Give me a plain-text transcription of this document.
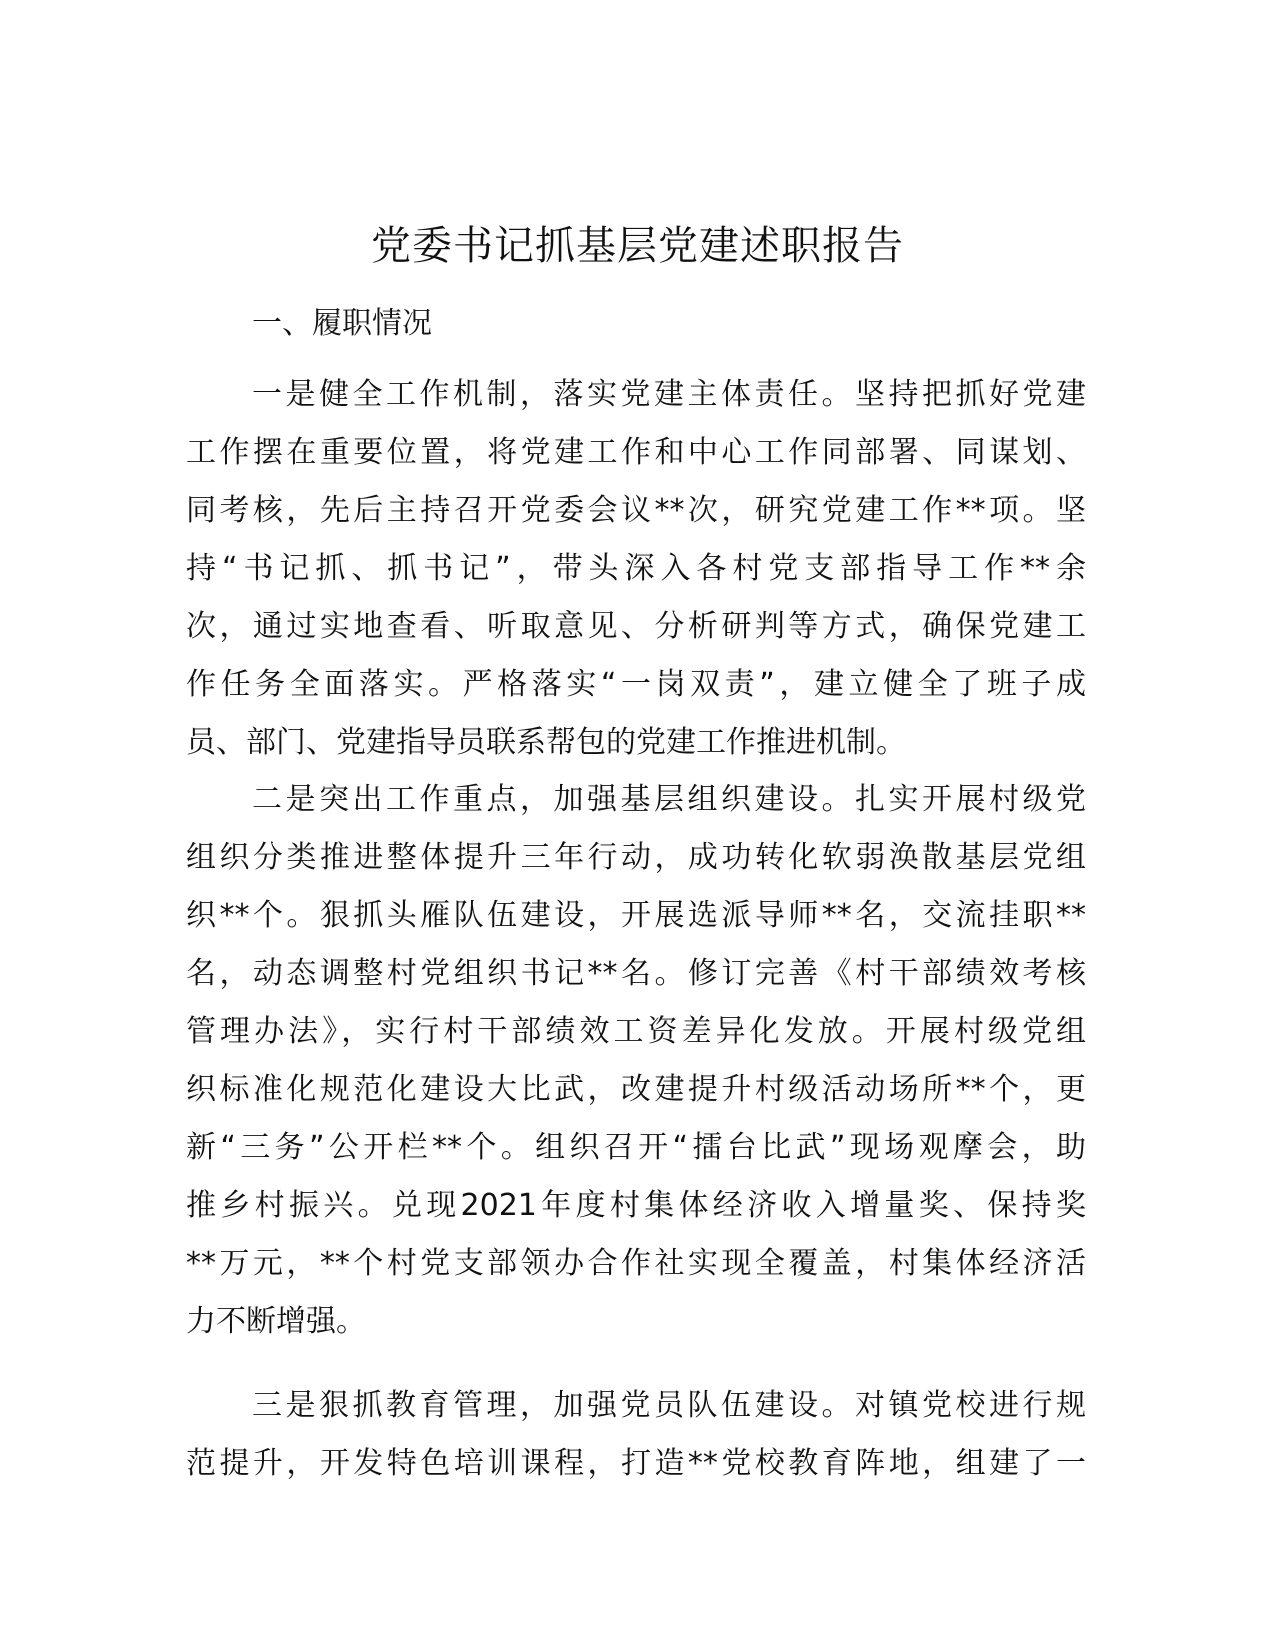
党委书记抓基层党建述职报告

一、履职情况

一是健全工作机制，落实党建主体责任。坚持把抓好党建
工作摆在重要位置，将党建工作和中心工作同部署、同谋划、
同考核，先后主持召开党委会议**次，研究党建工作**项。坚
持“书记抓、抓书记”，带头深入各村党支部指导工作**余
次，通过实地查看、听取意见、分析研判等方式，确保党建工
作任务全面落实。严格落实“一岗双责”，建立健全了班子成
员、部门、党建指导员联系帮包的党建工作推进机制。
二是突出工作重点，加强基层组织建设。扎实开展村级党
组织分类推进整体提升三年行动，成功转化软弱涣散基层党组
织**个。狠抓头雁队伍建设，开展选派导师**名，交流挂职**
名，动态调整村党组织书记**名。修订完善《村干部绩效考核
管理办法》，实行村干部绩效工资差异化发放。开展村级党组
织标准化规范化建设大比武，改建提升村级活动场所**个，更
新“三务”公开栏**个。组织召开“擂台比武”现场观摩会，助
推乡村振兴。兑现2021年度村集体经济收入增量奖、保持奖
**万元，**个村党支部领办合作社实现全覆盖，村集体经济活
力不断增强。
三是狠抓教育管理，加强党员队伍建设。对镇党校进行规
范提升，开发特色培训课程，打造**党校教育阵地，组建了一
